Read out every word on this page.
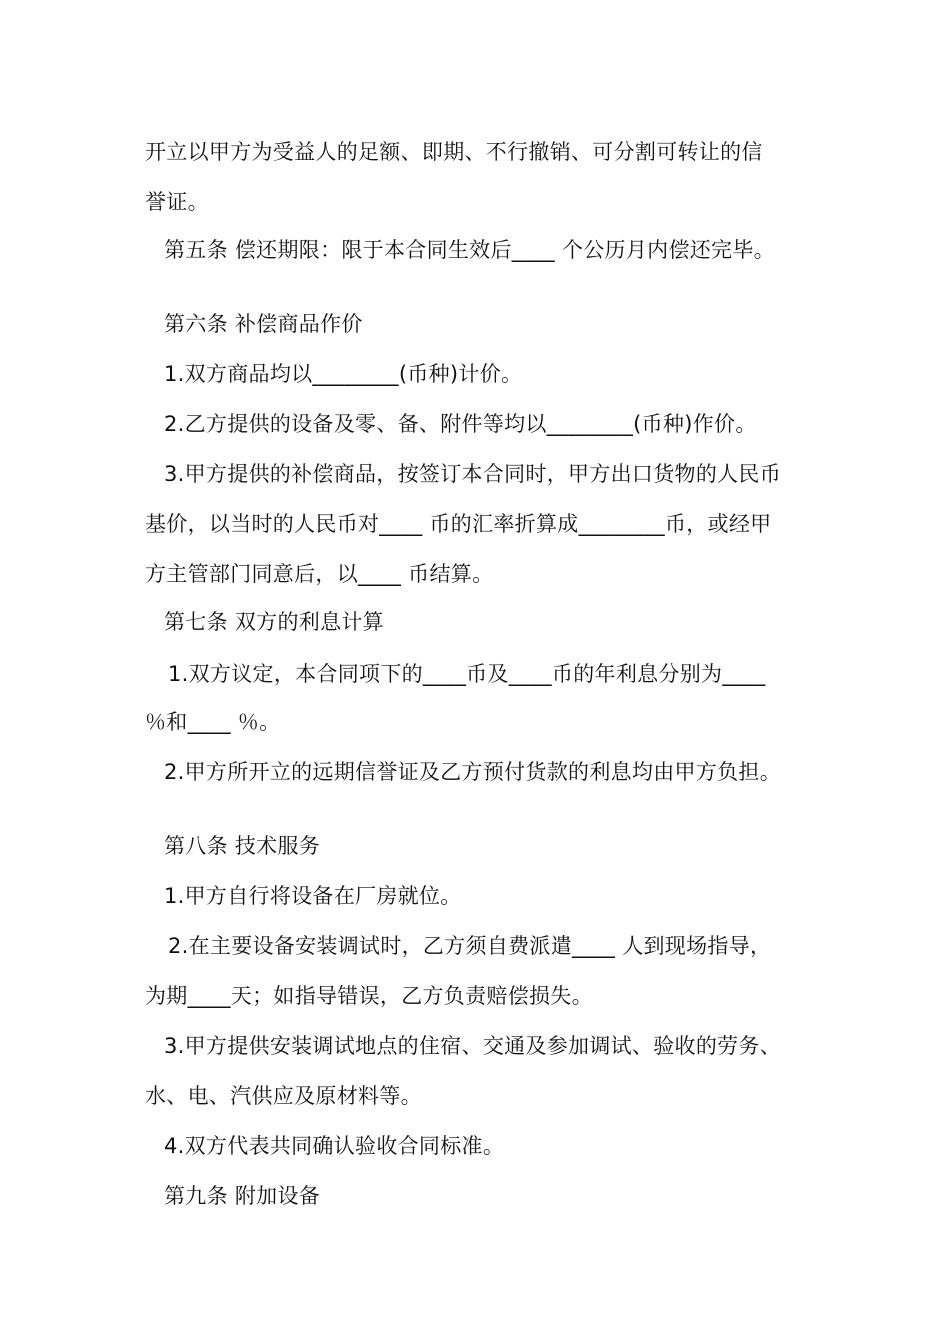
开立以甲方为受益人的足额、即期、不行撤销、可分割可转让的信
誉证。
第五条 偿还期限：限于本合同生效后____ 个公历月内偿还完毕。
第六条 补偿商品作价
1.双方商品均以________(币种)计价。
2.乙方提供的设备及零、备、附件等均以________(币种)作价。
3.甲方提供的补偿商品，按签订本合同时，甲方出口货物的人民币
基价，以当时的人民币对____ 币的汇率折算成________币，或经甲
方主管部门同意后，以____ 币结算。
第七条 双方的利息计算
1.双方议定，本合同项下的____币及____币的年利息分别为____
％和____ ％。
2.甲方所开立的远期信誉证及乙方预付货款的利息均由甲方负担。
第八条 技术服务
1.甲方自行将设备在厂房就位。
2.在主要设备安装调试时，乙方须自费派遣____ 人到现场指导，
为期____天；如指导错误，乙方负责赔偿损失。
3.甲方提供安装调试地点的住宿、交通及参加调试、验收的劳务、
水、电、汽供应及原材料等。
4.双方代表共同确认验收合同标准。
第九条 附加设备
